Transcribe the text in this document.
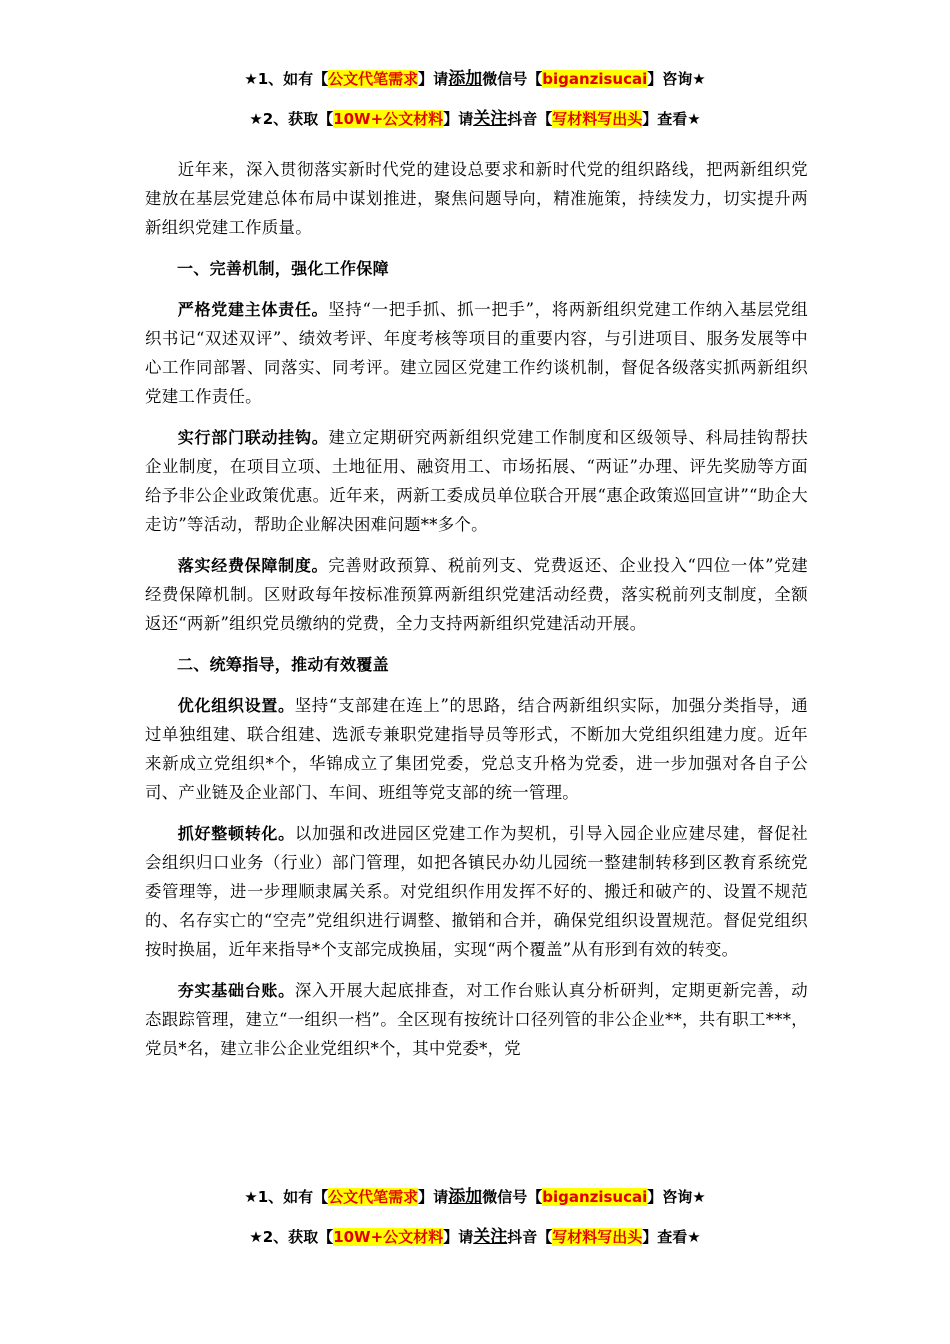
★1、如有【公文代笔需求】请添加微信号【biganzisucai】咨询★
★2、获取【10W+公文材料】请关注抖音【写材料写出头】查看★

近年来，深入贯彻落实新时代党的建设总要求和新时代党的组织路线，把两新组织党建放在基层党建总体布局中谋划推进，聚焦问题导向，精准施策，持续发力，切实提升两新组织党建工作质量。

一、完善机制，强化工作保障

严格党建主体责任。坚持“一把手抓、抓一把手”，将两新组织党建工作纳入基层党组织书记“双述双评”、绩效考评、年度考核等项目的重要内容，与引进项目、服务发展等中心工作同部署、同落实、同考评。建立园区党建工作约谈机制，督促各级落实抓两新组织党建工作责任。

实行部门联动挂钩。建立定期研究两新组织党建工作制度和区级领导、科局挂钩帮扶企业制度，在项目立项、土地征用、融资用工、市场拓展、“两证”办理、评先奖励等方面给予非公企业政策优惠。近年来，两新工委成员单位联合开展“惠企政策巡回宣讲”“助企大走访”等活动，帮助企业解决困难问题**多个。

落实经费保障制度。完善财政预算、税前列支、党费返还、企业投入“四位一体”党建经费保障机制。区财政每年按标准预算两新组织党建活动经费，落实税前列支制度，全额返还“两新”组织党员缴纳的党费，全力支持两新组织党建活动开展。

二、统筹指导，推动有效覆盖

优化组织设置。坚持“支部建在连上”的思路，结合两新组织实际，加强分类指导，通过单独组建、联合组建、选派专兼职党建指导员等形式，不断加大党组织组建力度。近年来新成立党组织*个，华锦成立了集团党委，党总支升格为党委，进一步加强对各自子公司、产业链及企业部门、车间、班组等党支部的统一管理。

抓好整顿转化。以加强和改进园区党建工作为契机，引导入园企业应建尽建，督促社会组织归口业务（行业）部门管理，如把各镇民办幼儿园统一整建制转移到区教育系统党委管理等，进一步理顺隶属关系。对党组织作用发挥不好的、搬迁和破产的、设置不规范的、名存实亡的“空壳”党组织进行调整、撤销和合并，确保党组织设置规范。督促党组织按时换届，近年来指导*个支部完成换届，实现“两个覆盖”从有形到有效的转变。

夯实基础台账。深入开展大起底排查，对工作台账认真分析研判，定期更新完善，动态跟踪管理，建立“一组织一档”。全区现有按统计口径列管的非公企业**，共有职工***，党员*名，建立非公企业党组织*个，其中党委*，党

★1、如有【公文代笔需求】请添加微信号【biganzisucai】咨询★
★2、获取【10W+公文材料】请关注抖音【写材料写出头】查看★
